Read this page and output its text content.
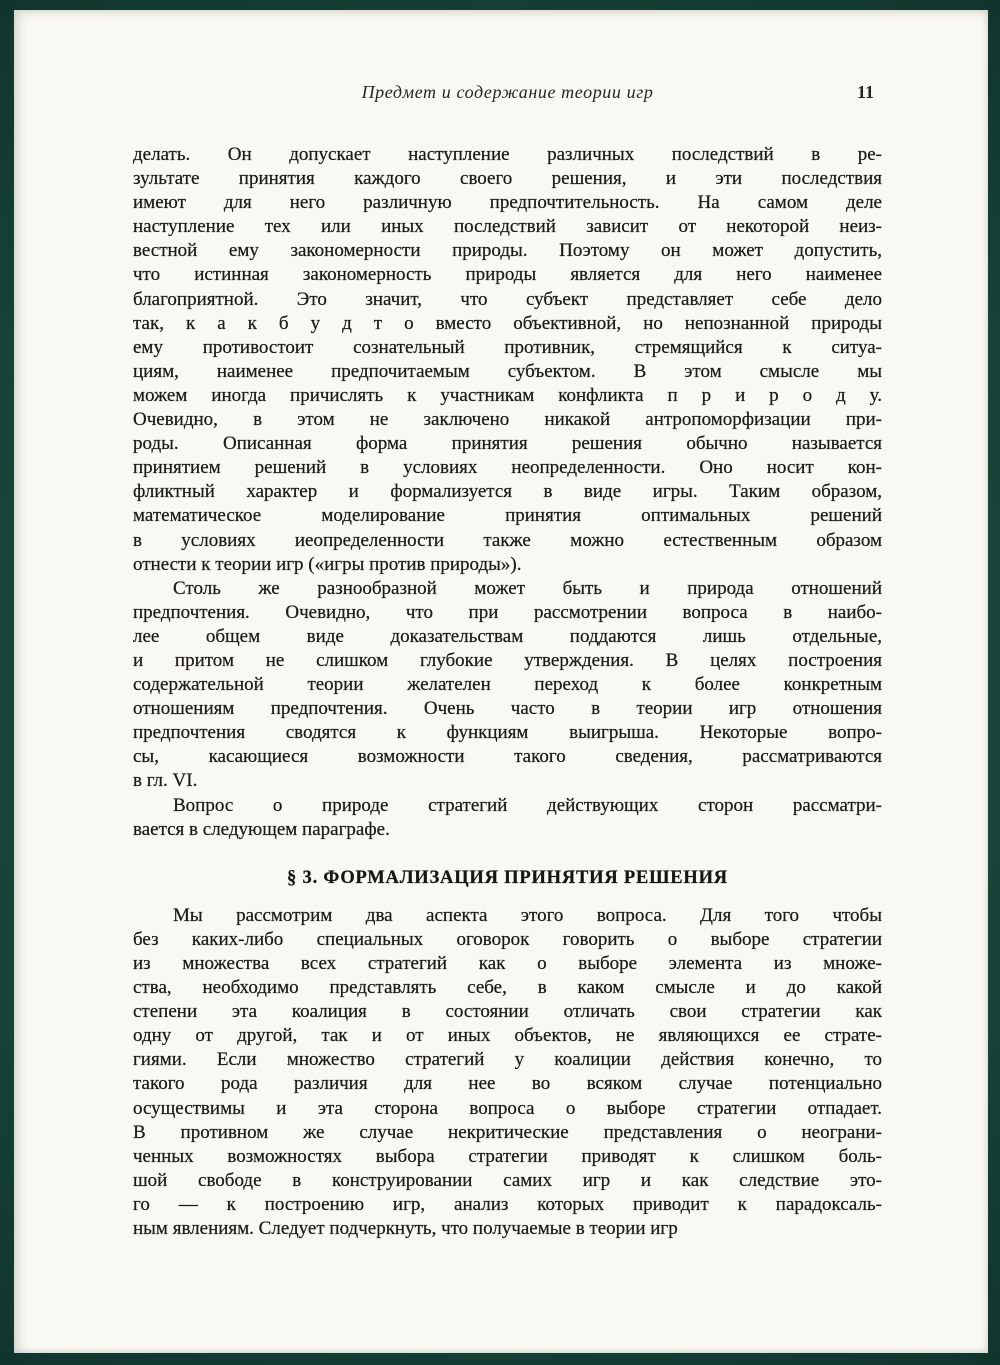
Предмет и содержание теории игр	11
делать. Он допускает наступление различных последствий в ре-
зультате принятия каждого своего решения, и эти последствия
имеют для него различную предпочтительность. На самом деле
наступление тех или иных последствий зависит от некоторой неиз-
вестной ему закономерности природы. Поэтому он может допустить,
что истинная закономерность природы является для него наименее
благоприятной. Это значит, что субъект представляет себе дело
так, к а к б у д т о вместо объективной, но непознанной природы
ему противостоит сознательный противник, стремящийся к ситуа-
циям, наименее предпочитаемым субъектом. В этом смысле мы
можем иногда причислять к участникам конфликта п р и р о д у.
Очевидно, в этом не заключено никакой антропоморфизации при-
роды. Описанная форма принятия решения обычно называется
принятием решений в условиях неопределенности. Оно носит кон-
фликтный характер и формализуется в виде игры. Таким образом,
математическое моделирование принятия оптимальных решений
в условиях иеопределенности также можно естественным образом
отнести к теории игр («игры против природы»).
Столь же разнообразной может быть и природа отношений
предпочтения. Очевидно, что при рассмотрении вопроса в наибо-
лее общем виде доказательствам поддаются лишь отдельные,
и притом не слишком глубокие утверждения. В целях построения
содержательной теории желателен переход к более конкретным
отношениям предпочтения. Очень часто в теории игр отношения
предпочтения сводятся к функциям выигрыша. Некоторые вопро-
сы, касающиеся возможности такого сведения, рассматриваются
в гл. VI.
Вопрос о природе стратегий действующих сторон рассматри-
вается в следующем параграфе.
§ 3. ФОРМАЛИЗАЦИЯ ПРИНЯТИЯ РЕШЕНИЯ
Мы рассмотрим два аспекта этого вопроса. Для того чтобы
без каких-либо специальных оговорок говорить о выборе стратегии
из множества всех стратегий как о выборе элемента из множе-
ства, необходимо представлять себе, в каком смысле и до какой
степени эта коалиция в состоянии отличать свои стратегии как
одну от другой, так и от иных объектов, не являющихся ее страте-
гиями. Если множество стратегий у коалиции действия конечно, то
такого рода различия для нее во всяком случае потенциально
осуществимы и эта сторона вопроса о выборе стратегии отпадает.
В противном же случае некритические представления о неограни-
ченных возможностях выбора стратегии приводят к слишком боль-
шой свободе в конструировании самих игр и как следствие это-
го — к построению игр, анализ которых приводит к парадоксаль-
ным явлениям. Следует подчеркнуть, что получаемые в теории игр
